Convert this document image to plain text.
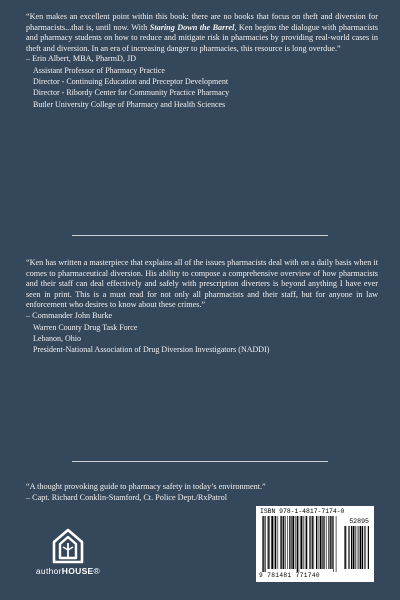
“Ken makes an excellent point within this book: there are no books that focus on theft and diversion for pharmacists...that is, until now. With Staring Down the Barrel, Ken begins the dialogue with pharmacists and pharmacy students on how to reduce and mitigate risk in pharmacies by providing real-world cases in theft and diversion. In an era of increasing danger to pharmacies, this resource is long overdue.”

– Erin Albert, MBA, PharmD, JD

Assistant Professor of Pharmacy Practice
Director - Continuing Education and Preceptor Development
Director - Ribordy Center for Community Practice Pharmacy
Butler University College of Pharmacy and Health Sciences

“Ken has written a masterpiece that explains all of the issues pharmacists deal with on a daily basis when it comes to pharmaceutical diversion. His ability to compose a comprehensive overview of how pharmacists and their staff can deal effectively and safely with prescription diverters is beyond anything I have ever seen in print. This is a must read for not only all pharmacists and their staff, but for anyone in law enforcement who desires to know about these crimes.”

– Commander John Burke

Warren County Drug Task Force
Lebanon, Ohio
President-National Association of Drug Diversion Investigators (NADDI)

“A thought provoking guide to pharmacy safety in today’s environment.”

– Capt. Richard Conklin-Stamford, Ct. Police Dept./RxPatrol

authorHOUSE®
ISBN 978-1-4817-7174-0
52895
9 781481 771740
